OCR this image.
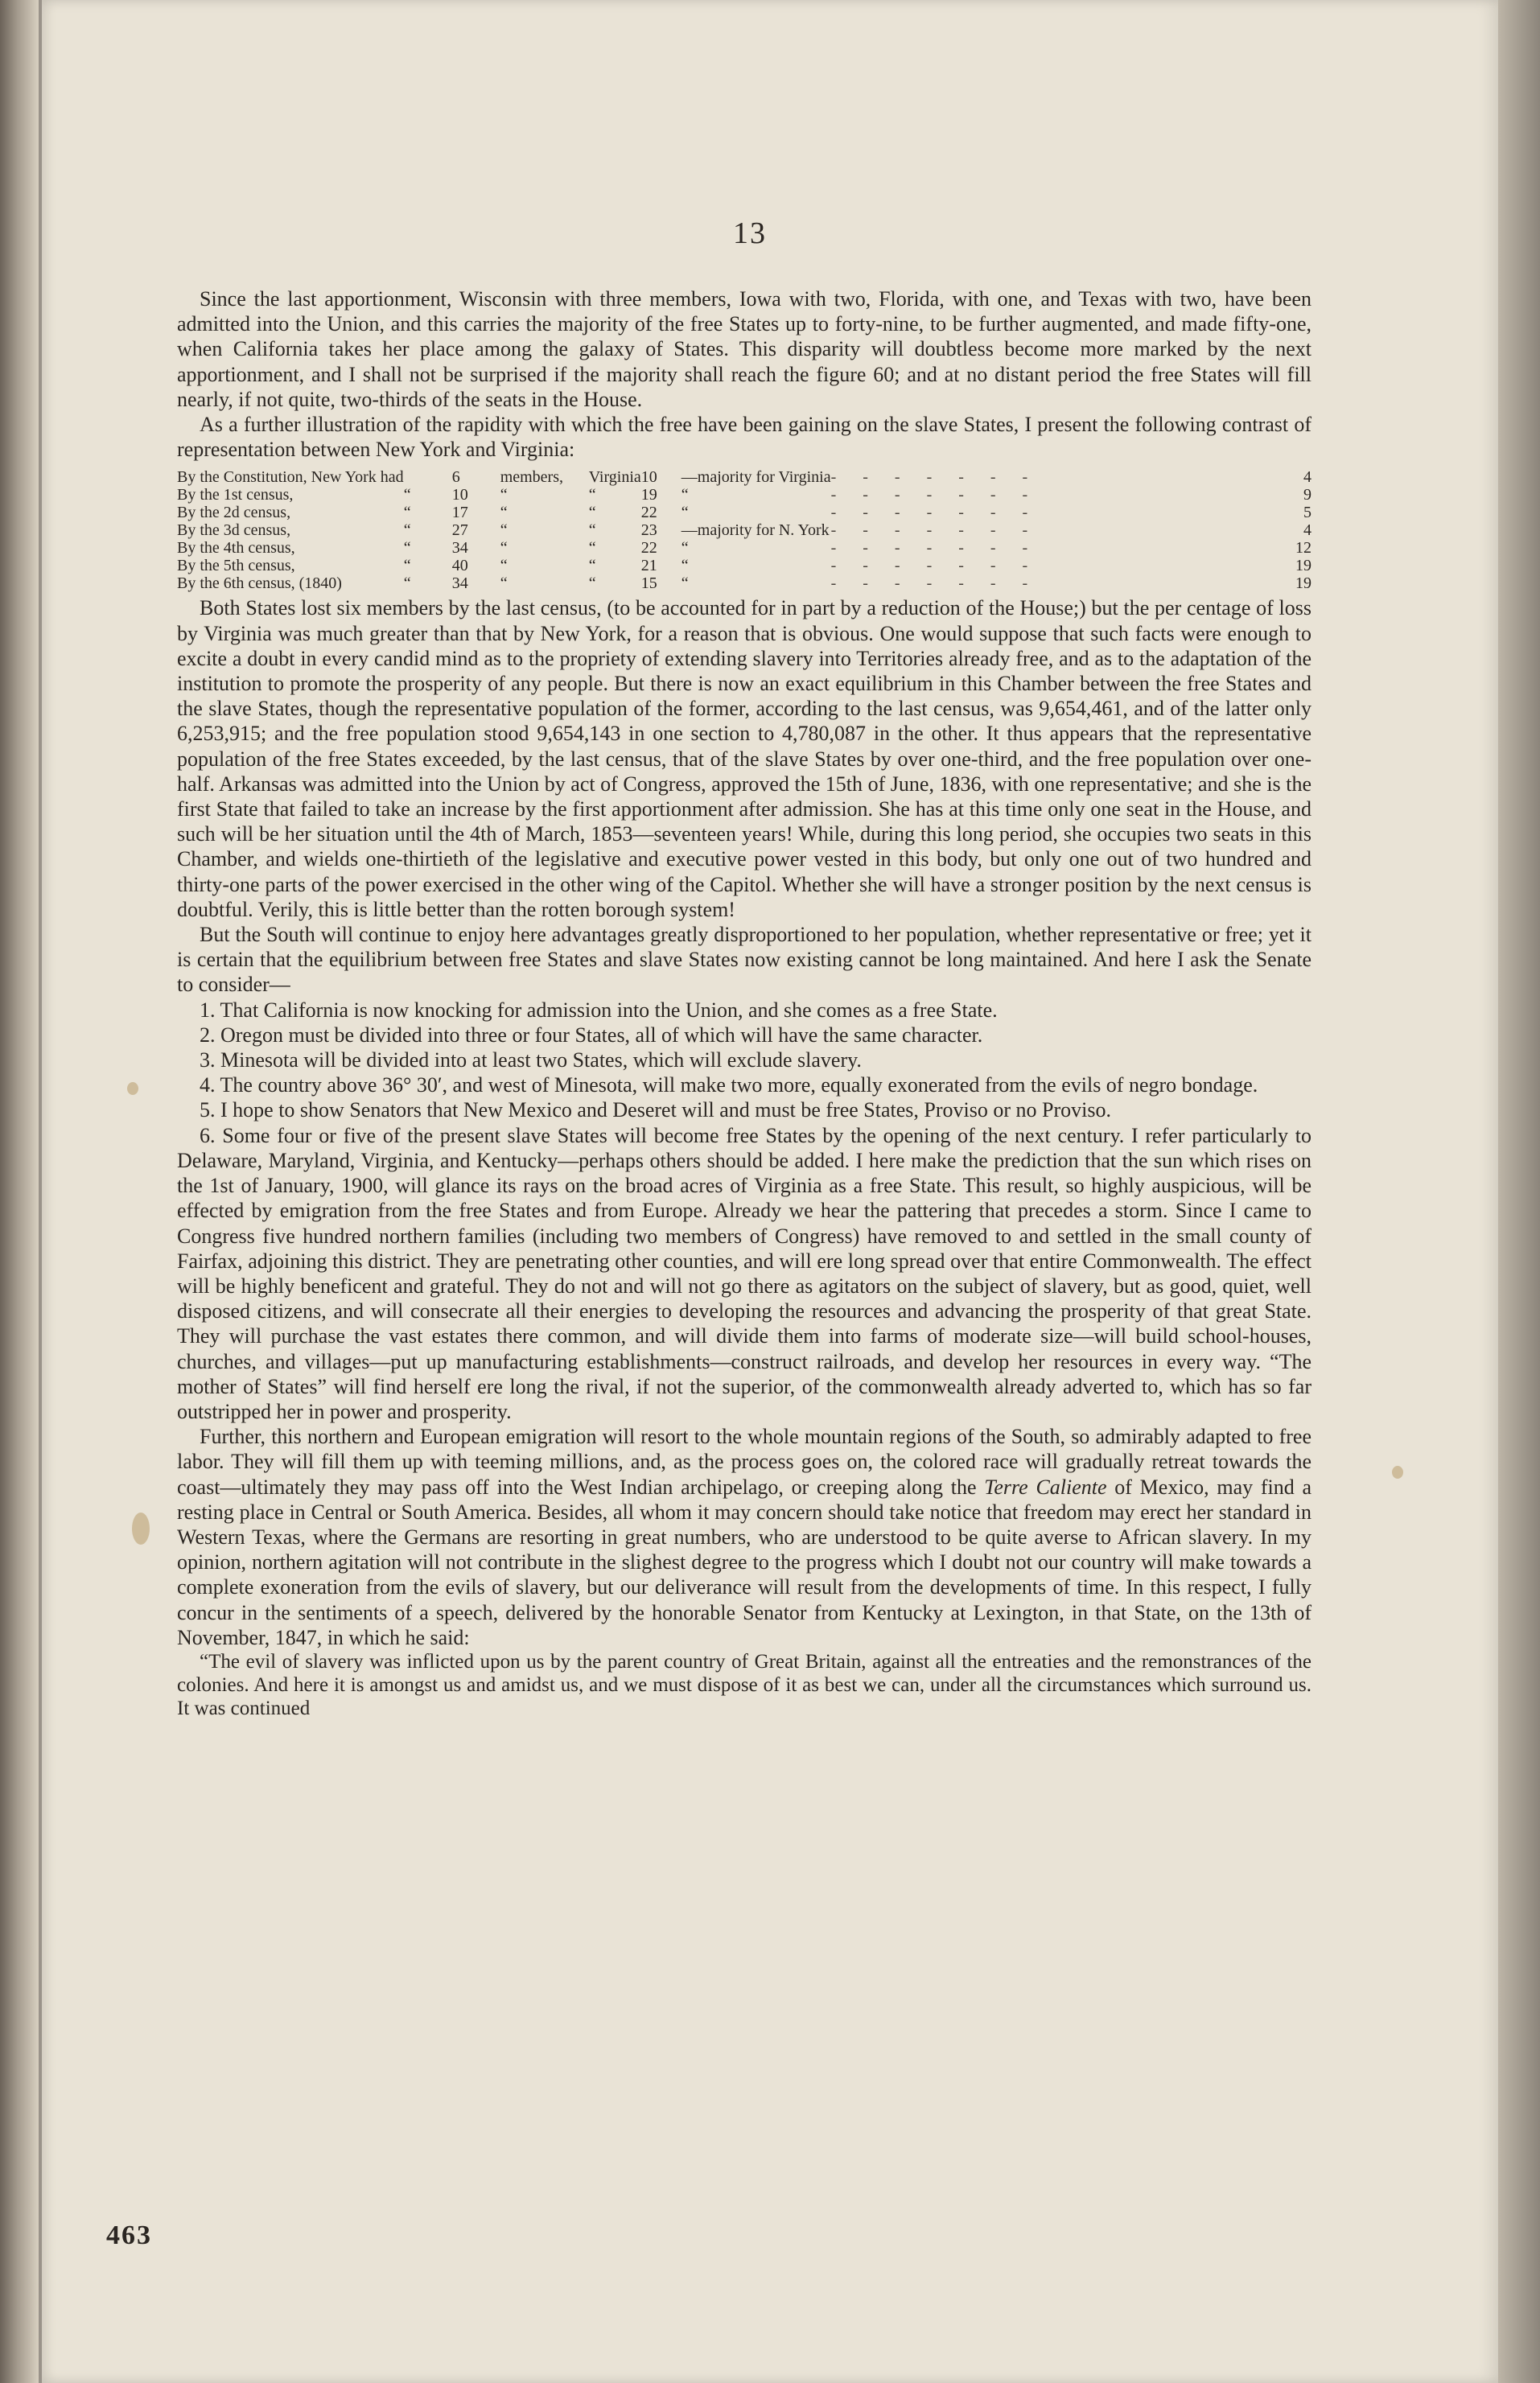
13

Since the last apportionment, Wisconsin with three members, Iowa with two, Florida, with one, and Texas with two, have been admitted into the Union, and this carries the majority of the free States up to forty-nine, to be further augmented, and made fifty-one, when California takes her place among the galaxy of States. This disparity will doubtless become more marked by the next apportionment, and I shall not be surprised if the majority shall reach the figure 60; and at no distant period the free States will fill nearly, if not quite, two-thirds of the seats in the House.

As a further illustration of the rapidity with which the free have been gaining on the slave States, I present the following contrast of representation between New York and Virginia:

By the Constitution, New York had		6	members,	Virginia	10	—majority for Virginia	- - - - - - -	4
By the 1st census,	“	10	“	“	19	“	- - - - - - -	9
By the 2d census,	“	17	“	“	22	“	- - - - - - -	5
By the 3d census,	“	27	“	“	23	—majority for N. York	- - - - - - -	4
By the 4th census,	“	34	“	“	22	“	- - - - - - -	12
By the 5th census,	“	40	“	“	21	“	- - - - - - -	19
By the 6th census, (1840)	“	34	“	“	15	“	- - - - - - -	19

Both States lost six members by the last census, (to be accounted for in part by a reduction of the House;) but the per centage of loss by Virginia was much greater than that by New York, for a reason that is obvious. One would suppose that such facts were enough to excite a doubt in every candid mind as to the propriety of extending slavery into Territories already free, and as to the adaptation of the institution to promote the prosperity of any people. But there is now an exact equilibrium in this Chamber between the free States and the slave States, though the representative population of the former, according to the last census, was 9,654,461, and of the latter only 6,253,915; and the free population stood 9,654,143 in one section to 4,780,087 in the other. It thus appears that the representative population of the free States exceeded, by the last census, that of the slave States by over one-third, and the free population over one-half. Arkansas was admitted into the Union by act of Congress, approved the 15th of June, 1836, with one representative; and she is the first State that failed to take an increase by the first apportionment after admission. She has at this time only one seat in the House, and such will be her situation until the 4th of March, 1853—seventeen years! While, during this long period, she occupies two seats in this Chamber, and wields one-thirtieth of the legislative and executive power vested in this body, but only one out of two hundred and thirty-one parts of the power exercised in the other wing of the Capitol. Whether she will have a stronger position by the next census is doubtful. Verily, this is little better than the rotten borough system!

But the South will continue to enjoy here advantages greatly disproportioned to her population, whether representative or free; yet it is certain that the equilibrium between free States and slave States now existing cannot be long maintained. And here I ask the Senate to consider—

1. That California is now knocking for admission into the Union, and she comes as a free State.

2. Oregon must be divided into three or four States, all of which will have the same character.

3. Minesota will be divided into at least two States, which will exclude slavery.

4. The country above 36° 30′, and west of Minesota, will make two more, equally exonerated from the evils of negro bondage.

5. I hope to show Senators that New Mexico and Deseret will and must be free States, Proviso or no Proviso.

6. Some four or five of the present slave States will become free States by the opening of the next century. I refer particularly to Delaware, Maryland, Virginia, and Kentucky—perhaps others should be added. I here make the prediction that the sun which rises on the 1st of January, 1900, will glance its rays on the broad acres of Virginia as a free State. This result, so highly auspicious, will be effected by emigration from the free States and from Europe. Already we hear the pattering that precedes a storm. Since I came to Congress five hundred northern families (including two members of Congress) have removed to and settled in the small county of Fairfax, adjoining this district. They are penetrating other counties, and will ere long spread over that entire Commonwealth. The effect will be highly beneficent and grateful. They do not and will not go there as agitators on the subject of slavery, but as good, quiet, well disposed citizens, and will consecrate all their energies to developing the resources and advancing the prosperity of that great State. They will purchase the vast estates there common, and will divide them into farms of moderate size—will build school-houses, churches, and villages—put up manufacturing establishments—construct railroads, and develop her resources in every way. “The mother of States” will find herself ere long the rival, if not the superior, of the commonwealth already adverted to, which has so far outstripped her in power and prosperity.

Further, this northern and European emigration will resort to the whole mountain regions of the South, so admirably adapted to free labor. They will fill them up with teeming millions, and, as the process goes on, the colored race will gradually retreat towards the coast—ultimately they may pass off into the West Indian archipelago, or creeping along the Terre Caliente of Mexico, may find a resting place in Central or South America. Besides, all whom it may concern should take notice that freedom may erect her standard in Western Texas, where the Germans are resorting in great numbers, who are understood to be quite averse to African slavery. In my opinion, northern agitation will not contribute in the slighest degree to the progress which I doubt not our country will make towards a complete exoneration from the evils of slavery, but our deliverance will result from the developments of time. In this respect, I fully concur in the sentiments of a speech, delivered by the honorable Senator from Kentucky at Lexington, in that State, on the 13th of November, 1847, in which he said:

“The evil of slavery was inflicted upon us by the parent country of Great Britain, against all the entreaties and the remonstrances of the colonies. And here it is amongst us and amidst us, and we must dispose of it as best we can, under all the circumstances which surround us. It was continued

463
